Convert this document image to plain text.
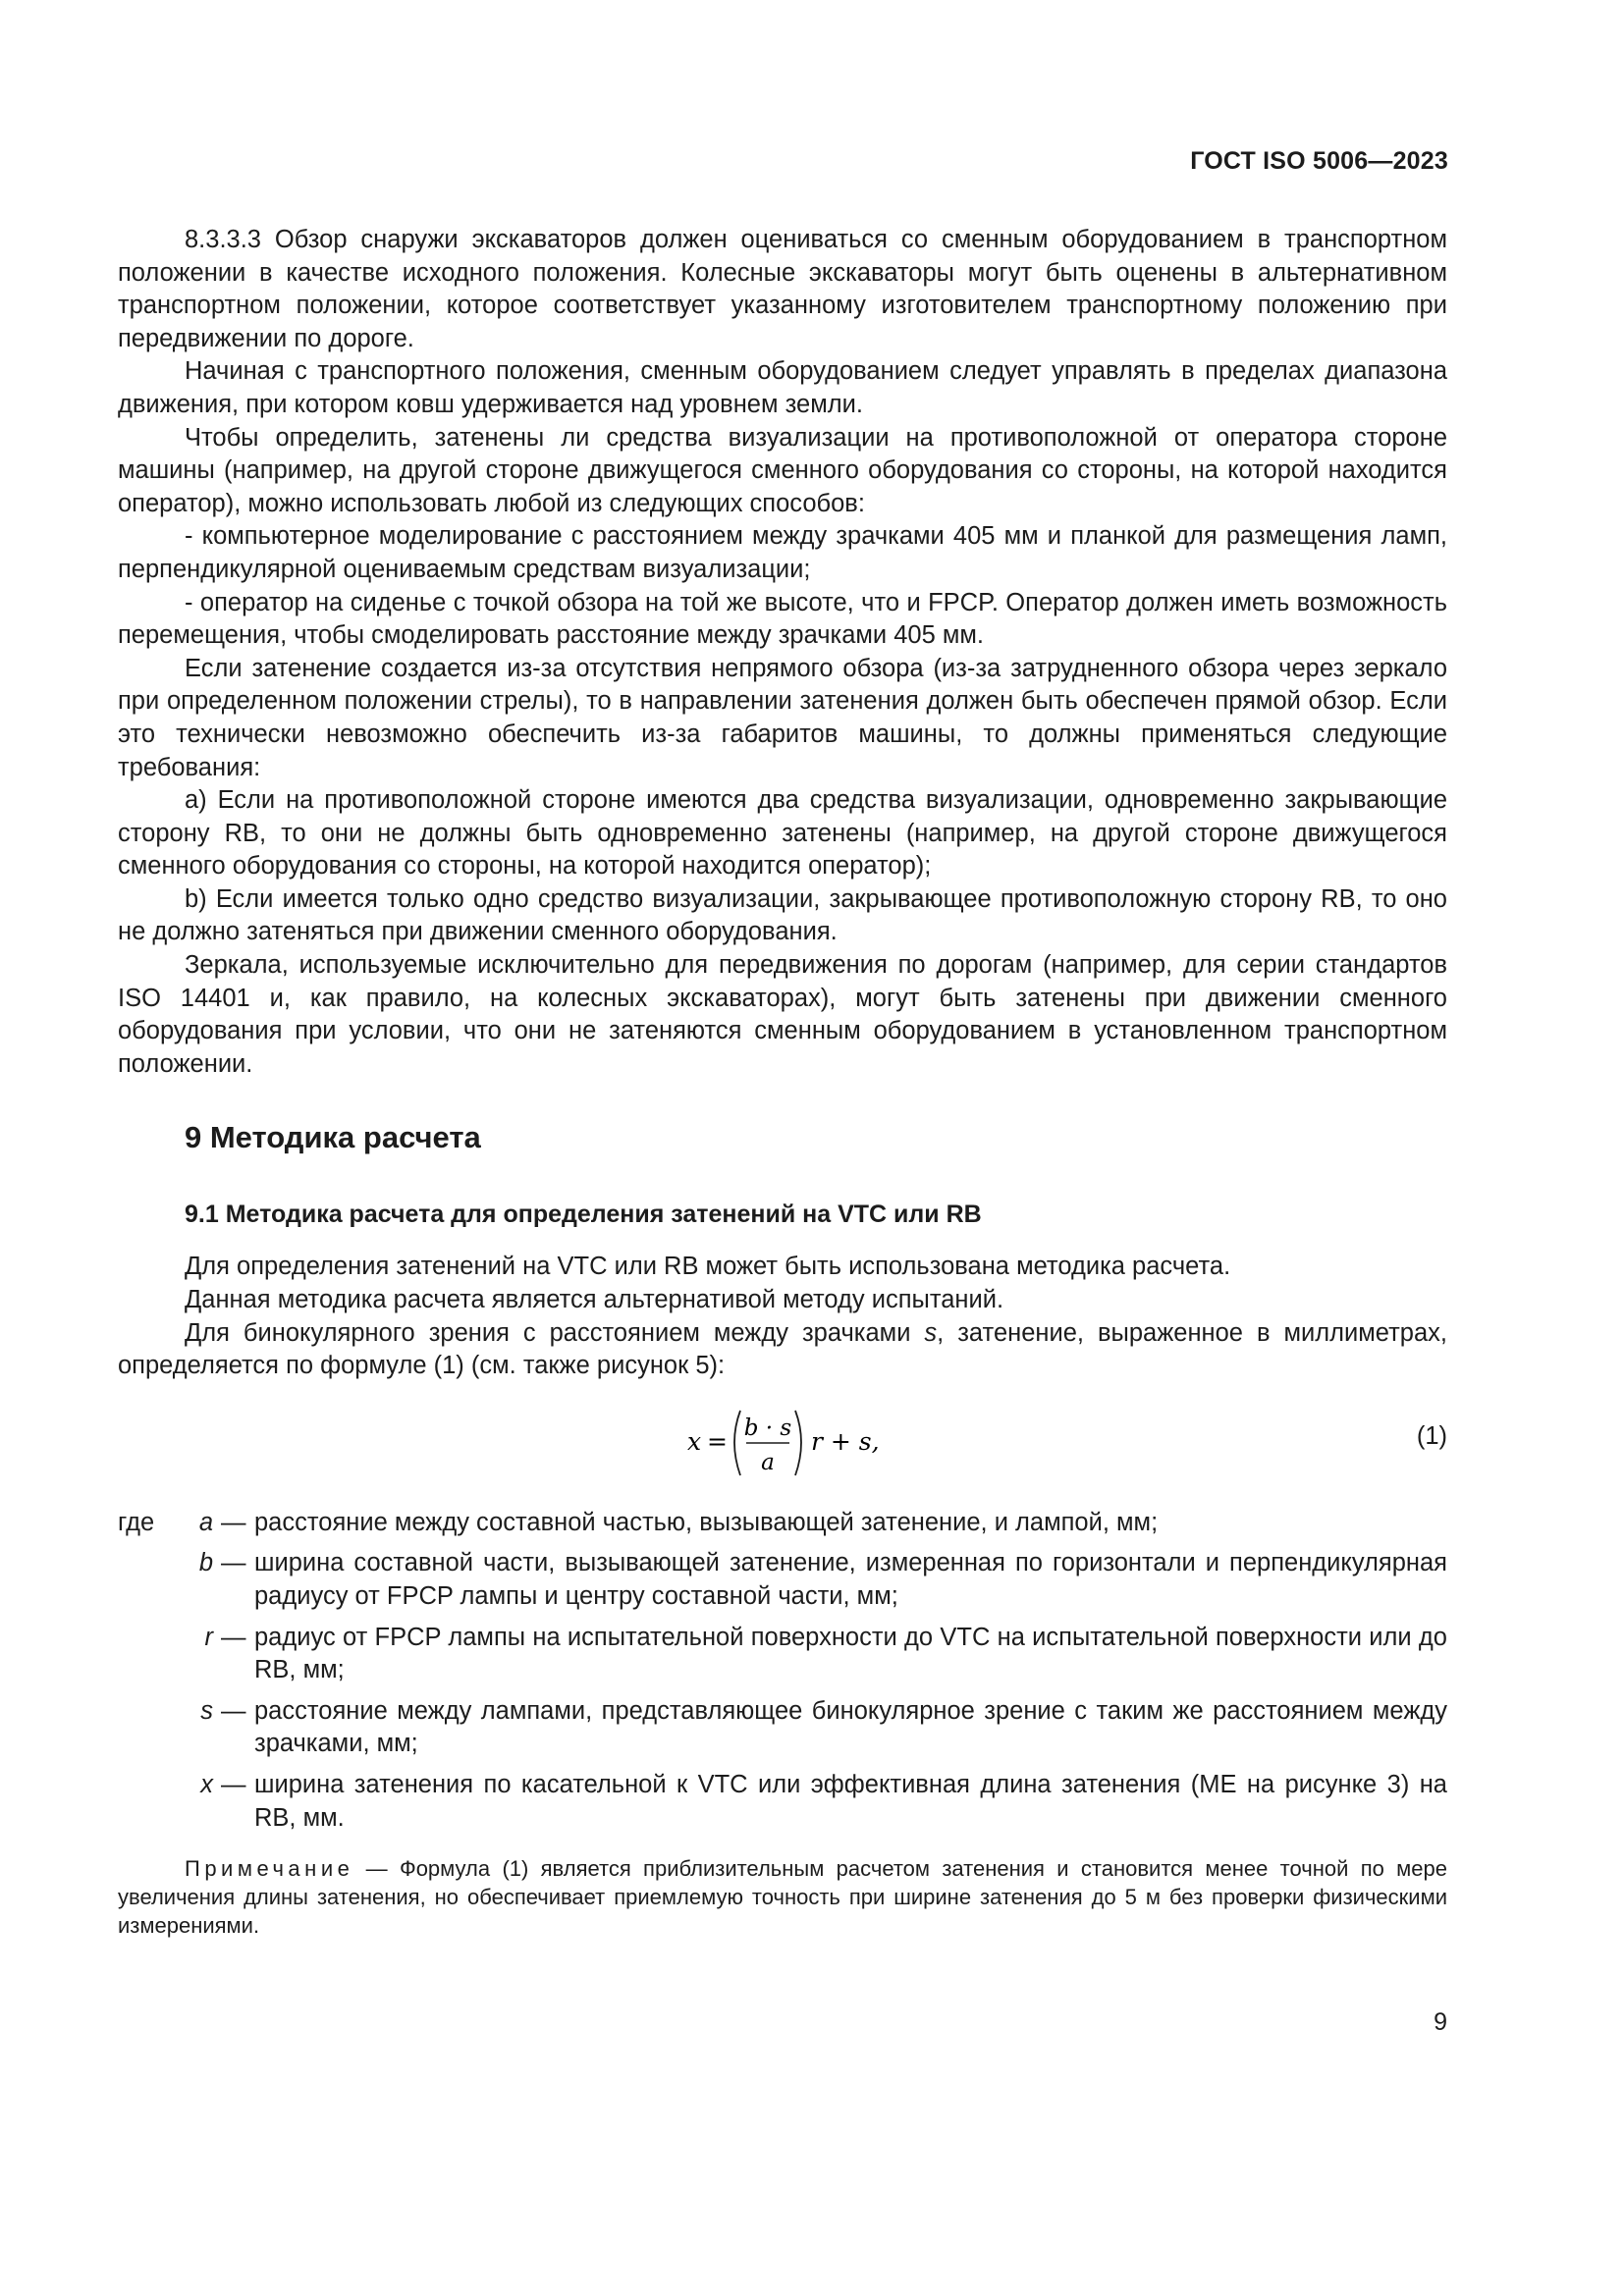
ГОСТ ISO 5006—2023

8.3.3.3 Обзор снаружи экскаваторов должен оцениваться со сменным оборудованием в транспортном положении в качестве исходного положения. Колесные экскаваторы могут быть оценены в альтернативном транспортном положении, которое соответствует указанному изготовителем транспортному положению при передвижении по дороге.

Начиная с транспортного положения, сменным оборудованием следует управлять в пределах диапазона движения, при котором ковш удерживается над уровнем земли.

Чтобы определить, затенены ли средства визуализации на противоположной от оператора стороне машины (например, на другой стороне движущегося сменного оборудования со стороны, на которой находится оператор), можно использовать любой из следующих способов:

- компьютерное моделирование с расстоянием между зрачками 405 мм и планкой для размещения ламп, перпендикулярной оцениваемым средствам визуализации;

- оператор на сиденье с точкой обзора на той же высоте, что и FPCP. Оператор должен иметь возможность перемещения, чтобы смоделировать расстояние между зрачками 405 мм.

Если затенение создается из-за отсутствия непрямого обзора (из-за затрудненного обзора через зеркало при определенном положении стрелы), то в направлении затенения должен быть обеспечен прямой обзор. Если это технически невозможно обеспечить из-за габаритов машины, то должны применяться следующие требования:

a) Если на противоположной стороне имеются два средства визуализации, одновременно закрывающие сторону RB, то они не должны быть одновременно затенены (например, на другой стороне движущегося сменного оборудования со стороны, на которой находится оператор);

b) Если имеется только одно средство визуализации, закрывающее противоположную сторону RB, то оно не должно затеняться при движении сменного оборудования.

Зеркала, используемые исключительно для передвижения по дорогам (например, для серии стандартов ISO 14401 и, как правило, на колесных экскаваторах), могут быть затенены при движении сменного оборудования при условии, что они не затеняются сменным оборудованием в установленном транспортном положении.

9 Методика расчета
9.1 Методика расчета для определения затенений на VTC или RB

Для определения затенений на VTC или RB может быть использована методика расчета.

Данная методика расчета является альтернативой методу испытаний.

Для бинокулярного зрения с расстоянием между зрачками s, затенение, выраженное в миллиметрах, определяется по формуле (1) (см. также рисунок 5):

x = b · s
a
r + s,	(1)
где a — расстояние между составной частью, вызывающей затенение, и лампой, мм;
b — ширина составной части, вызывающей затенение, измеренная по горизонтали и перпендикулярная радиусу от FPCP лампы и центру составной части, мм;
r — радиус от FPCP лампы на испытательной поверхности до VTC на испытательной поверхности или до RB, мм;
s — расстояние между лампами, представляющее бинокулярное зрение с таким же расстоянием между зрачками, мм;
x — ширина затенения по касательной к VTC или эффективная длина затенения (МЕ на рисунке 3) на RB, мм.
Примечание — Формула (1) является приблизительным расчетом затенения и становится менее точной по мере увеличения длины затенения, но обеспечивает приемлемую точность при ширине затенения до 5 м без проверки физическими измерениями.
9
